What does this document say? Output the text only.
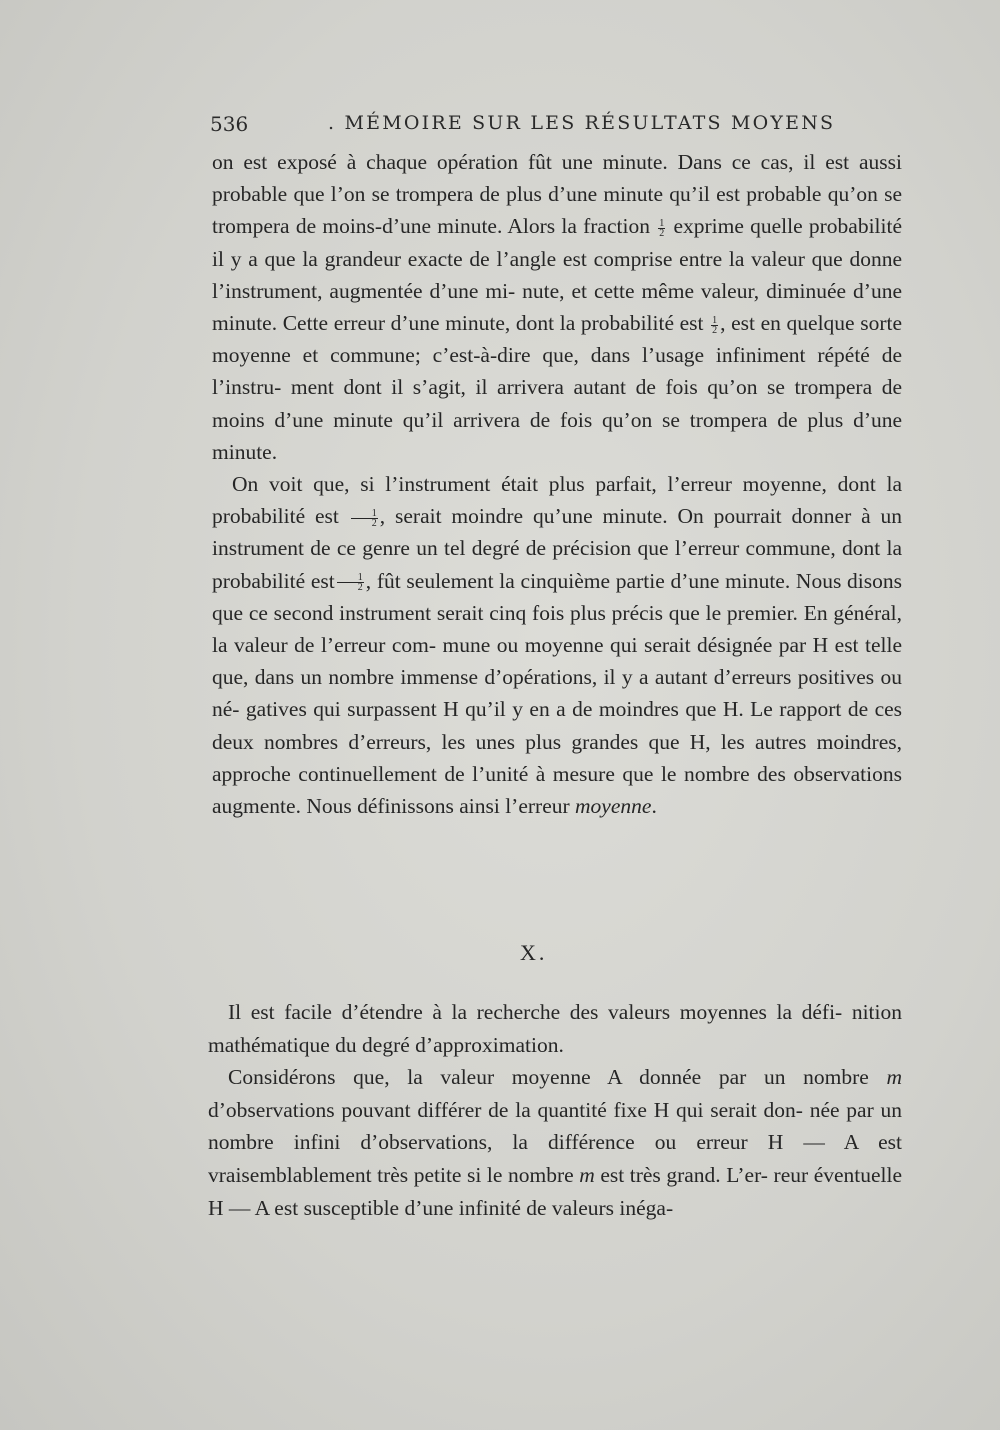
536	. MÉMOIRE SUR LES RÉSULTATS MOYENS

on est exposé à chaque opération fût une minute. Dans ce cas, il est aussi probable que l’on se trompera de plus d’une minute qu’il est probable qu’on se trompera de moins-d’une minute. Alors la fraction $\frac{1}{2}$ exprime quelle probabilité il y a que la grandeur exacte de l’angle est comprise entre la valeur que donne l’instrument, augmentée d’une mi- nute, et cette même valeur, diminuée d’une minute. Cette erreur d’une minute, dont la probabilité est $\frac{1}{2}$ , est en quelque sorte moyenne et commune; c’est-à-dire que, dans l’usage infiniment répété de l’instru- ment dont il s’agit, il arrivera autant de fois qu’on se trompera de moins d’une minute qu’il arrivera de fois qu’on se trompera de plus d’une minute.

On voit que, si l’instrument était plus parfait, l’erreur moyenne, dont la probabilité est $\frac{1}{2}$ , serait moindre qu’une minute. On pourrait donner à un instrument de ce genre un tel degré de précision que l’erreur commune, dont la probabilité est $\frac{1}{2}$ , fût seulement la cinquième partie d’une minute. Nous disons que ce second instrument serait cinq fois plus précis que le premier. En général, la valeur de l’erreur com- mune ou moyenne qui serait désignée par H est telle que, dans un nombre immense d’opérations, il y a autant d’erreurs positives ou né- gatives qui surpassent H qu’il y en a de moindres que H. Le rapport de ces deux nombres d’erreurs, les unes plus grandes que H, les autres moindres, approche continuellement de l’unité à mesure que le nombre des observations augmente. Nous définissons ainsi l’erreur moyenne.

X.

Il est facile d’étendre à la recherche des valeurs moyennes la défi- nition mathématique du degré d’approximation.

Considérons que, la valeur moyenne A donnée par un nombre m d’observations pouvant différer de la quantité fixe H qui serait don- née par un nombre infini d’observations, la différence ou erreur H — A est vraisemblablement très petite si le nombre m est très grand. L’er- reur éventuelle H — A est susceptible d’une infinité de valeurs inéga-
